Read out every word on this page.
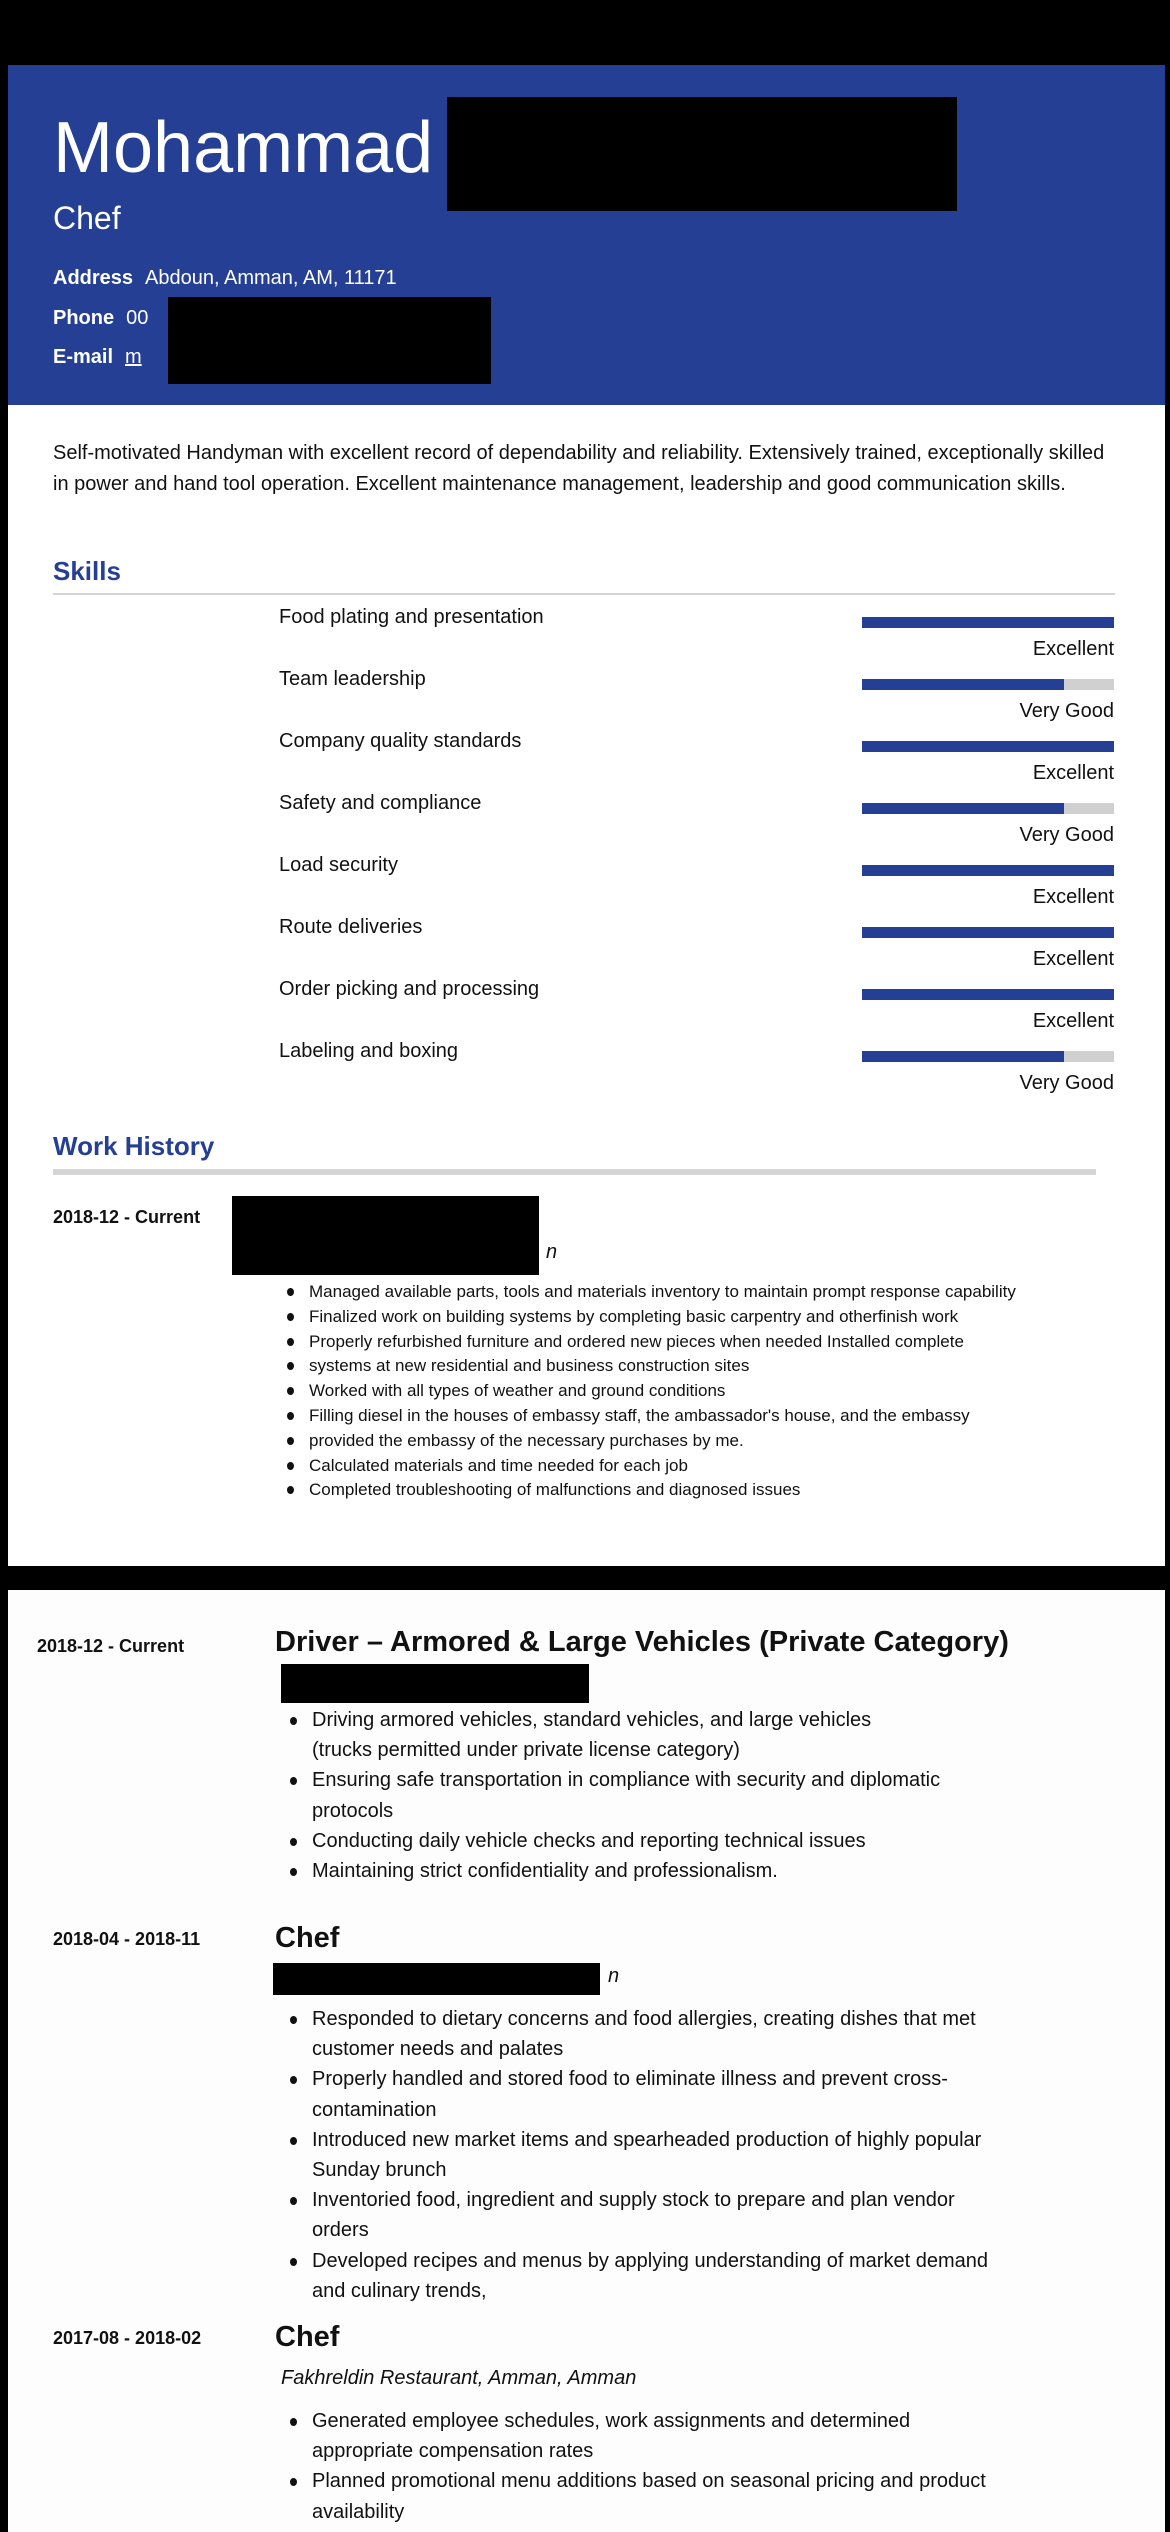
Mohammad
Chef
Address Abdoun, Amman, AM, 11171
Phone 00
E-mail m
Self-motivated Handyman with excellent record of dependability and reliability. Extensively trained, exceptionally skilled in power and hand tool operation. Excellent maintenance management, leadership and good communication skills.
Skills
Food plating and presentation
Excellent
Team leadership
Very Good
Company quality standards
Excellent
Safety and compliance
Very Good
Load security
Excellent
Route deliveries
Excellent
Order picking and processing
Excellent
Labeling and boxing
Very Good
Work History
2018-12 - Current
n
Managed available parts, tools and materials inventory to maintain prompt response capability
Finalized work on building systems by completing basic carpentry and otherfinish work
Properly refurbished furniture and ordered new pieces when needed Installed complete
systems at new residential and business construction sites
Worked with all types of weather and ground conditions
Filling diesel in the houses of embassy staff, the ambassador's house, and the embassy
provided the embassy of the necessary purchases by me.
Calculated materials and time needed for each job
Completed troubleshooting of malfunctions and diagnosed issues
2018-12 - Current	Driver – Armored & Large Vehicles (Private Category)
Driving armored vehicles, standard vehicles, and large vehicles
(trucks permitted under private license category)
Ensuring safe transportation in compliance with security and diplomatic
protocols
Conducting daily vehicle checks and reporting technical issues
Maintaining strict confidentiality and professionalism.
2018-04 - 2018-11	Chef
n
Responded to dietary concerns and food allergies, creating dishes that met
customer needs and palates
Properly handled and stored food to eliminate illness and prevent cross-
contamination
Introduced new market items and spearheaded production of highly popular
Sunday brunch
Inventoried food, ingredient and supply stock to prepare and plan vendor
orders
Developed recipes and menus by applying understanding of market demand
and culinary trends,
2017-08 - 2018-02	Chef
Fakhreldin Restaurant, Amman, Amman
Generated employee schedules, work assignments and determined
appropriate compensation rates
Planned promotional menu additions based on seasonal pricing and product
availability
